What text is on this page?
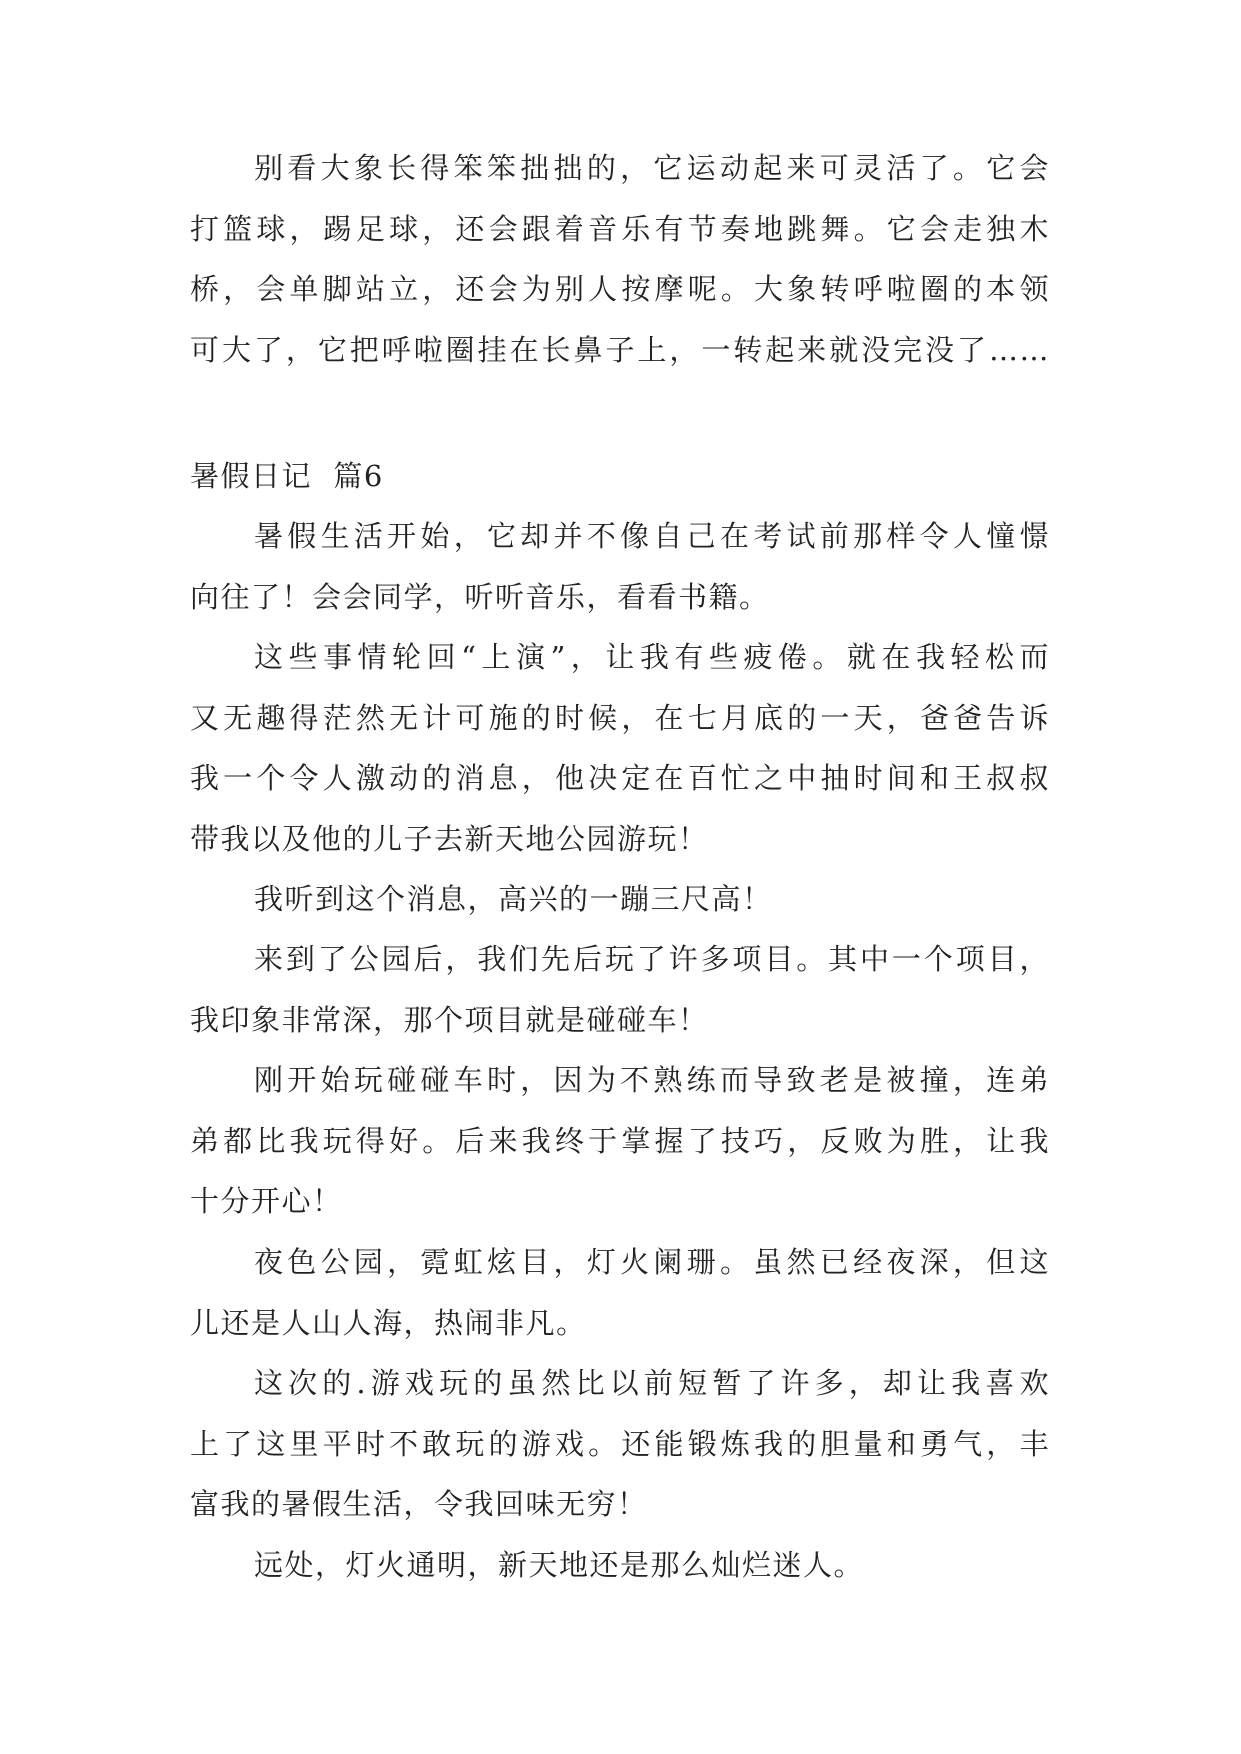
别看大象长得笨笨拙拙的，它运动起来可灵活了。它会
打篮球，踢足球，还会跟着音乐有节奏地跳舞。它会走独木
桥，会单脚站立，还会为别人按摩呢。大象转呼啦圈的本领
可大了，它把呼啦圈挂在长鼻子上，一转起来就没完没了……
暑假日记  篇6
暑假生活开始，它却并不像自己在考试前那样令人憧憬
向往了！会会同学，听听音乐，看看书籍。
这些事情轮回“上演”，让我有些疲倦。就在我轻松而
又无趣得茫然无计可施的时候，在七月底的一天，爸爸告诉
我一个令人激动的消息，他决定在百忙之中抽时间和王叔叔
带我以及他的儿子去新天地公园游玩！
我听到这个消息，高兴的一蹦三尺高！
来到了公园后，我们先后玩了许多项目。其中一个项目，
我印象非常深，那个项目就是碰碰车！
刚开始玩碰碰车时，因为不熟练而导致老是被撞，连弟
弟都比我玩得好。后来我终于掌握了技巧，反败为胜，让我
十分开心！
夜色公园，霓虹炫目，灯火阑珊。虽然已经夜深，但这
儿还是人山人海，热闹非凡。
这次的.游戏玩的虽然比以前短暂了许多，却让我喜欢
上了这里平时不敢玩的游戏。还能锻炼我的胆量和勇气，丰
富我的暑假生活，令我回味无穷！
远处，灯火通明，新天地还是那么灿烂迷人。
